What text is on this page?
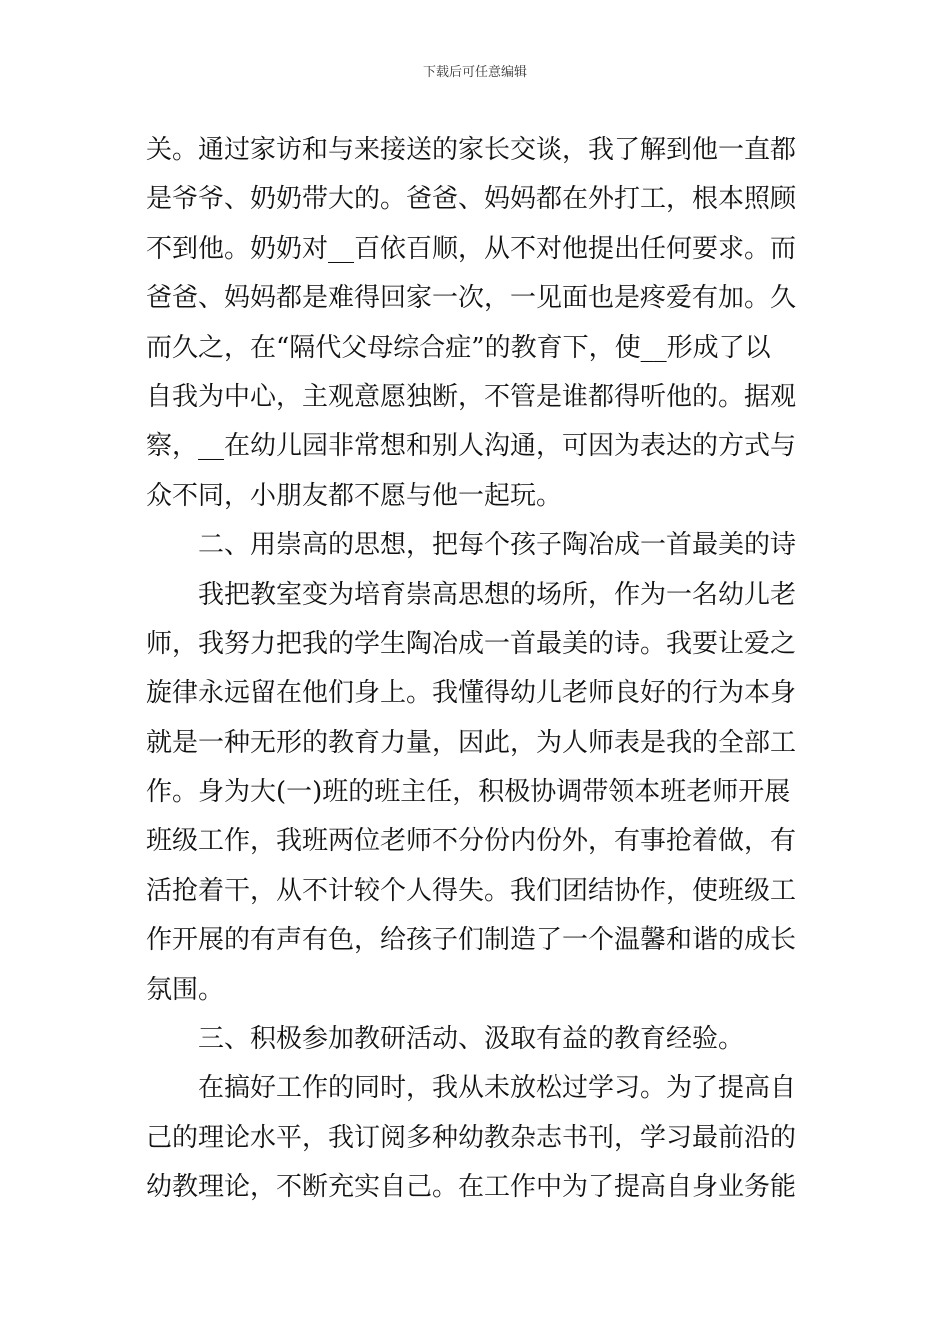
下载后可任意编辑
关。通过家访和与来接送的家长交谈，我了解到他一直都
是爷爷、奶奶带大的。爸爸、妈妈都在外打工，根本照顾
不到他。奶奶对__百依百顺，从不对他提出任何要求。而
爸爸、妈妈都是难得回家一次，一见面也是疼爱有加。久
而久之，在“隔代父母综合症”的教育下，使__形成了以
自我为中心，主观意愿独断，不管是谁都得听他的。据观
察，__在幼儿园非常想和别人沟通，可因为表达的方式与
众不同，小朋友都不愿与他一起玩。
二、用崇高的思想，把每个孩子陶冶成一首最美的诗
我把教室变为培育崇高思想的场所，作为一名幼儿老
师，我努力把我的学生陶冶成一首最美的诗。我要让爱之
旋律永远留在他们身上。我懂得幼儿老师良好的行为本身
就是一种无形的教育力量，因此，为人师表是我的全部工
作。身为大(一)班的班主任，积极协调带领本班老师开展
班级工作，我班两位老师不分份内份外，有事抢着做，有
活抢着干，从不计较个人得失。我们团结协作，使班级工
作开展的有声有色，给孩子们制造了一个温馨和谐的成长
氛围。
三、积极参加教研活动、汲取有益的教育经验。
在搞好工作的同时，我从未放松过学习。为了提高自
己的理论水平，我订阅多种幼教杂志书刊，学习最前沿的
幼教理论，不断充实自己。在工作中为了提高自身业务能
